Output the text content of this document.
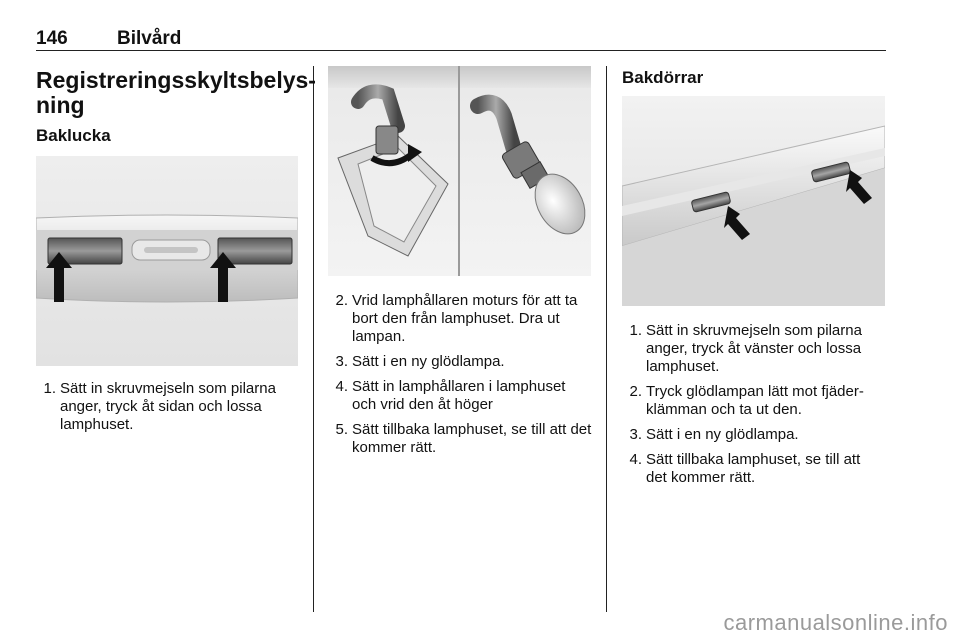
146	Bilvård
Registreringsskyltsbelys-
ning
Baklucka
1. Sätt in skruvmejseln som pilarna anger, tryck åt sidan och lossa lamphuset.
2. Vrid lamphållaren moturs för att ta bort den från lamphuset. Dra ut lampan.
3. Sätt i en ny glödlampa.
4. Sätt in lamphållaren i lamphuset och vrid den åt höger
5. Sätt tillbaka lamphuset, se till att det kommer rätt.
Bakdörrar
1. Sätt in skruvmejseln som pilarna anger, tryck åt vänster och lossa lamphuset.
2. Tryck glödlampan lätt mot fjäderklämman och ta ut den.
3. Sätt i en ny glödlampa.
4. Sätt tillbaka lamphuset, se till att det kommer rätt.
carmanualsonline.info
